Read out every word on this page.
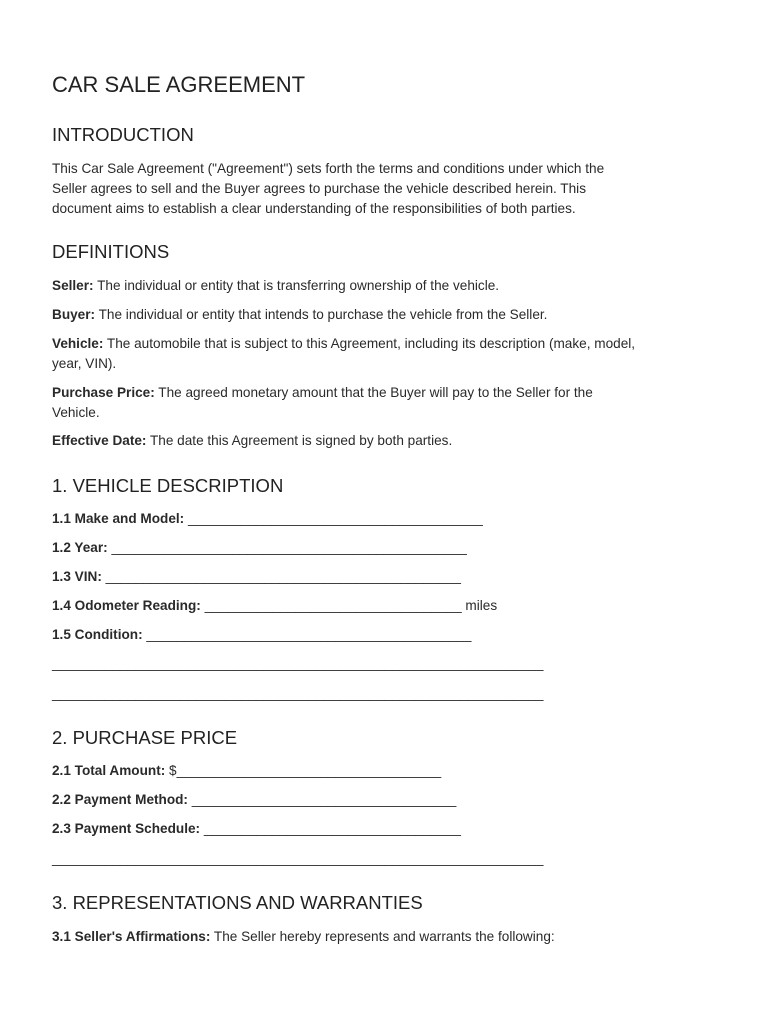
CAR SALE AGREEMENT
INTRODUCTION
This Car Sale Agreement ("Agreement") sets forth the terms and conditions under which the
Seller agrees to sell and the Buyer agrees to purchase the vehicle described herein. This
document aims to establish a clear understanding of the responsibilities of both parties.
DEFINITIONS
Seller: The individual or entity that is transferring ownership of the vehicle.
Buyer: The individual or entity that intends to purchase the vehicle from the Seller.
Vehicle: The automobile that is subject to this Agreement, including its description (make, model,
year, VIN).
Purchase Price: The agreed monetary amount that the Buyer will pay to the Seller for the
Vehicle.
Effective Date: The date this Agreement is signed by both parties.
1. VEHICLE DESCRIPTION
1.1 Make and Model: _______________________________________
1.2 Year: _______________________________________________
1.3 VIN: _______________________________________________
1.4 Odometer Reading: __________________________________ miles
1.5 Condition: ___________________________________________
_________________________________________________________________
_________________________________________________________________
2. PURCHASE PRICE
2.1 Total Amount: $___________________________________
2.2 Payment Method: ___________________________________
2.3 Payment Schedule: __________________________________
_________________________________________________________________
3. REPRESENTATIONS AND WARRANTIES
3.1 Seller's Affirmations: The Seller hereby represents and warrants the following:
